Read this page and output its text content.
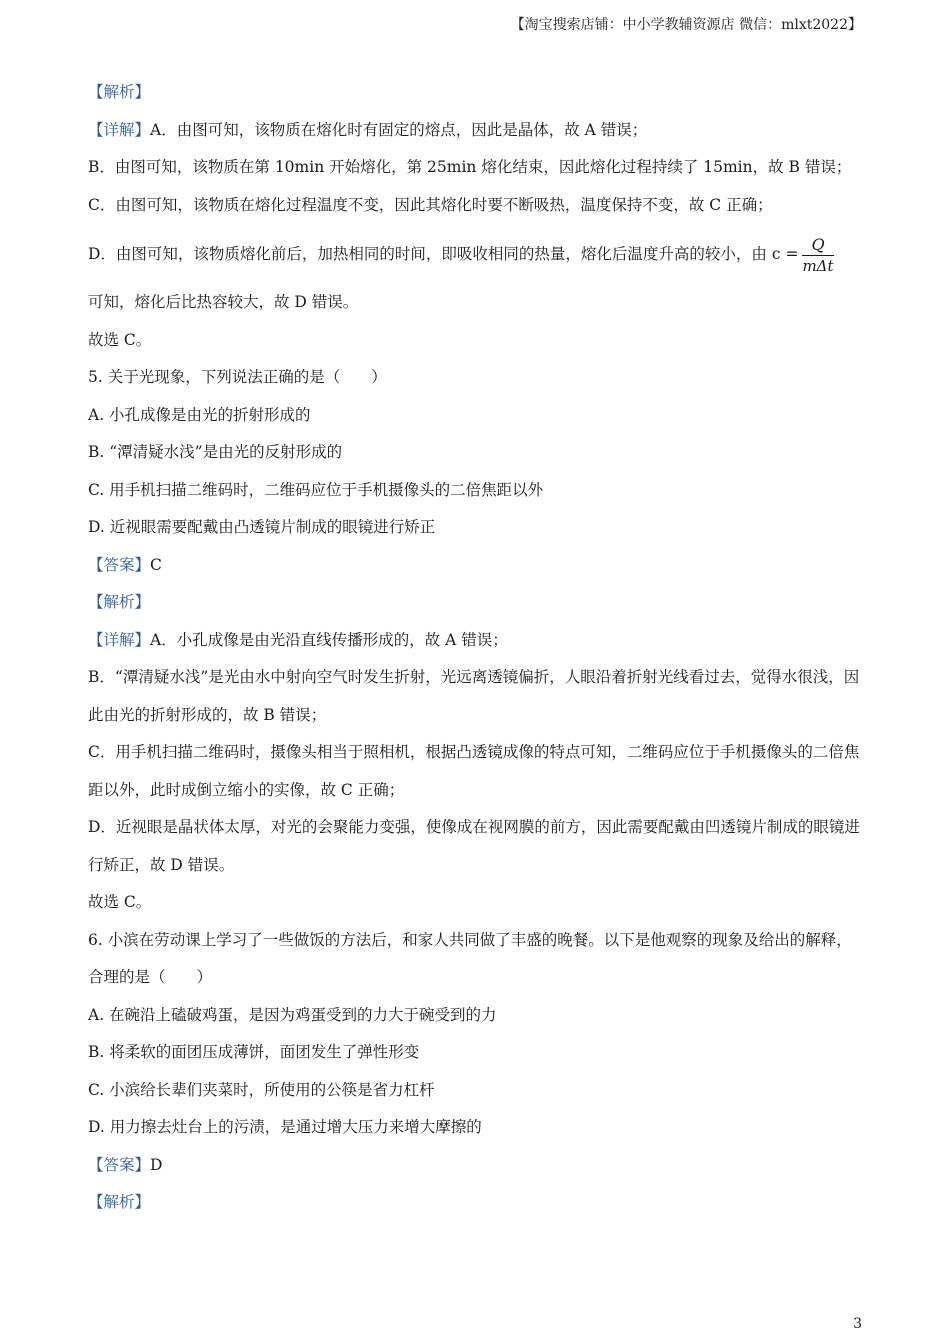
【淘宝搜索店铺：中小学教辅资源店 微信：mlxt2022】
【解析】
【详解】A．由图可知，该物质在熔化时有固定的熔点，因此是晶体，故 A 错误；
B．由图可知，该物质在第 10min 开始熔化，第 25min 熔化结束，因此熔化过程持续了 15min，故 B 错误；
C．由图可知，该物质在熔化过程温度不变，因此其熔化时要不断吸热，温度保持不变，故 C 正确；
D．由图可知，该物质熔化前后，加热相同的时间，即吸收相同的热量，熔化后温度升高的较小，由 $c = \frac{Q}{\text{mΔt}}$
可知，熔化后比热容较大，故 D 错误。
故选 C。
5. 关于光现象，下列说法正确的是（　　）
A. 小孔成像是由光的折射形成的
B. “潭清疑水浅”是由光的反射形成的
C. 用手机扫描二维码时，二维码应位于手机摄像头的二倍焦距以外
D. 近视眼需要配戴由凸透镜片制成的眼镜进行矫正
【答案】C
【解析】
【详解】A．小孔成像是由光沿直线传播形成的，故 A 错误；
B．“潭清疑水浅”是光由水中射向空气时发生折射，光远离透镜偏折，人眼沿着折射光线看过去，觉得水很浅，因此由光的折射形成的，故 B 错误；
C．用手机扫描二维码时，摄像头相当于照相机，根据凸透镜成像的特点可知，二维码应位于手机摄像头的二倍焦距以外，此时成倒立缩小的实像，故 C 正确；
D．近视眼是晶状体太厚，对光的会聚能力变强，使像成在视网膜的前方，因此需要配戴由凹透镜片制成的眼镜进行矫正，故 D 错误。
故选 C。
6. 小滨在劳动课上学习了一些做饭的方法后，和家人共同做了丰盛的晚餐。以下是他观察的现象及给出的解释，合理的是（　　）
A. 在碗沿上磕破鸡蛋，是因为鸡蛋受到的力大于碗受到的力
B. 将柔软的面团压成薄饼，面团发生了弹性形变
C. 小滨给长辈们夹菜时，所使用的公筷是省力杠杆
D. 用力擦去灶台上的污渍，是通过增大压力来增大摩擦的
【答案】D
【解析】
3
